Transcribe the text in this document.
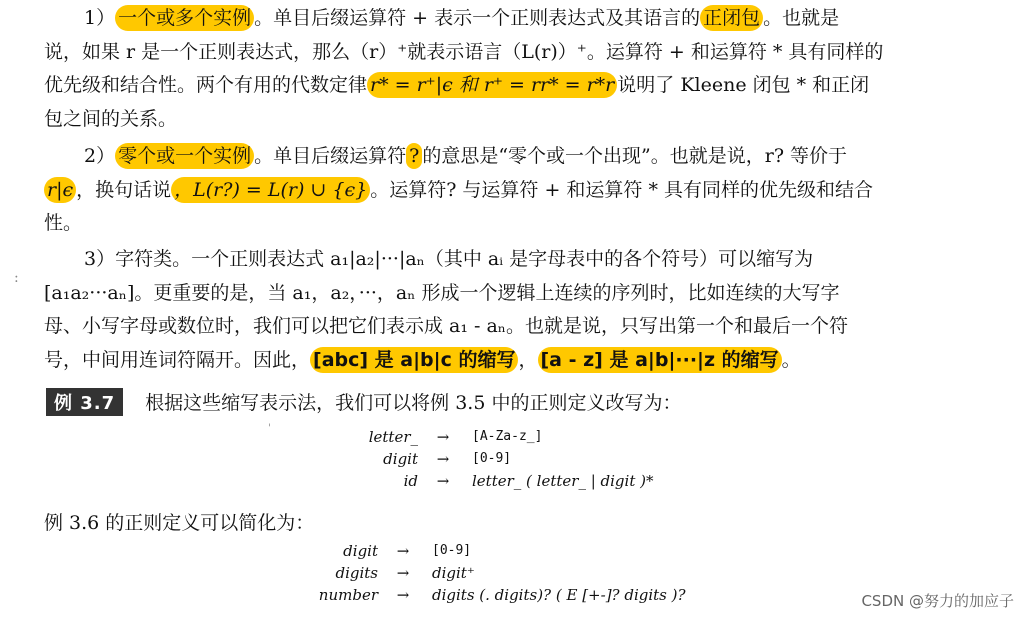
1） 一个或多个实例 。单目后缀运算符 + 表示一个正则表达式及其语言的 正闭包 。也就是
说，如果 r 是一个正则表达式，那么（r）⁺就表示语言（L(r)）⁺。运算符 + 和运算符 * 具有同样的
优先级和结合性。两个有用的代数定律 r* = r⁺|ϵ 和 r⁺ = rr* = r*r 说明了 Kleene 闭包 * 和正闭
包之间的关系。
2） 零个或一个实例 。单目后缀运算符 ? 的意思是“零个或一个出现”。也就是说，r? 等价于
r|ϵ ，换句话说 ，L(r?) = L(r) ∪ {ϵ} 。运算符? 与运算符 + 和运算符 * 具有同样的优先级和结合
性。
3）字符类。一个正则表达式 a₁|a₂|···|aₙ（其中 aᵢ 是字母表中的各个符号）可以缩写为
[a₁a₂···aₙ]。更重要的是，当 a₁，a₂，···，aₙ 形成一个逻辑上连续的序列时，比如连续的大写字
母、小写字母或数位时，我们可以把它们表示成 a₁ - aₙ。也就是说，只写出第一个和最后一个符
号，中间用连词符隔开。因此， [abc] 是 a|b|c 的缩写 ， [a - z] 是 a|b|···|z 的缩写 。
:
例 3.7 根据这些缩写表示法，我们可以将例 3.5 中的正则定义改写为：
'	letter_	→	[A-Za-z_]
digit	→	[0-9]
id	→	letter_ ( letter_ | digit )*
例 3.6 的正则定义可以简化为：
digit	→	[0-9]
digits	→	digit⁺
number	→	digits (. digits)? ( E [+-]? digits )?	CSDN @努力的加应子
